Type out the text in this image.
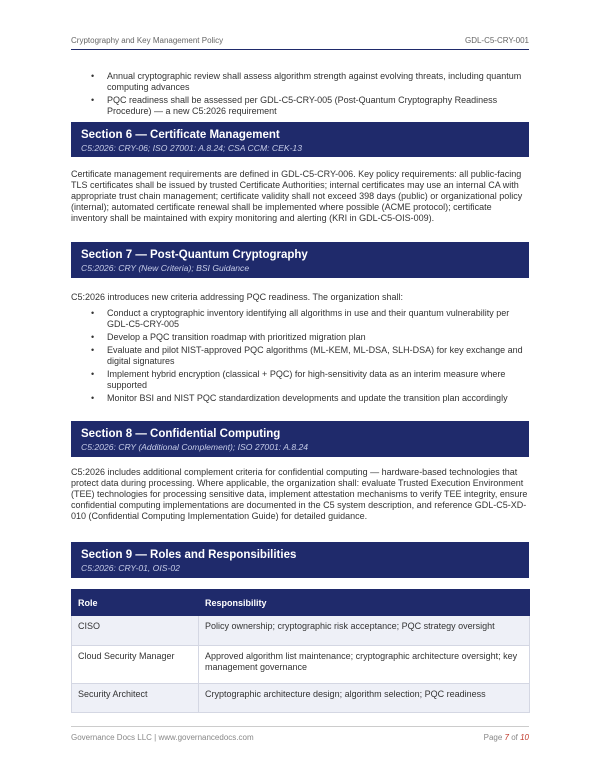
Cryptography and Key Management Policy	GDL-C5-CRY-001
• Annual cryptographic review shall assess algorithm strength against evolving threats, including quantum computing advances
• PQC readiness shall be assessed per GDL-C5-CRY-005 (Post-Quantum Cryptography Readiness Procedure) — a new C5:2026 requirement
Section 6 — Certificate Management
C5:2026: CRY-06; ISO 27001: A.8.24; CSA CCM: CEK-13
Certificate management requirements are defined in GDL-C5-CRY-006. Key policy requirements: all public-facing TLS certificates shall be issued by trusted Certificate Authorities; internal certificates may use an internal CA with appropriate trust chain management; certificate validity shall not exceed 398 days (public) or organizational policy (internal); automated certificate renewal shall be implemented where possible (ACME protocol); certificate inventory shall be maintained with expiry monitoring and alerting (KRI in GDL-C5-OIS-009).
Section 7 — Post-Quantum Cryptography
C5:2026: CRY (New Criteria); BSI Guidance
C5:2026 introduces new criteria addressing PQC readiness. The organization shall:
• Conduct a cryptographic inventory identifying all algorithms in use and their quantum vulnerability per GDL-C5-CRY-005
• Develop a PQC transition roadmap with prioritized migration plan
• Evaluate and pilot NIST-approved PQC algorithms (ML-KEM, ML-DSA, SLH-DSA) for key exchange and digital signatures
• Implement hybrid encryption (classical + PQC) for high-sensitivity data as an interim measure where supported
• Monitor BSI and NIST PQC standardization developments and update the transition plan accordingly
Section 8 — Confidential Computing
C5:2026: CRY (Additional Complement); ISO 27001: A.8.24
C5:2026 includes additional complement criteria for confidential computing — hardware-based technologies that protect data during processing. Where applicable, the organization shall: evaluate Trusted Execution Environment (TEE) technologies for processing sensitive data, implement attestation mechanisms to verify TEE integrity, ensure confidential computing implementations are documented in the C5 system description, and reference GDL-C5-XD-010 (Confidential Computing Implementation Guide) for detailed guidance.
Section 9 — Roles and Responsibilities
C5:2026: CRY-01, OIS-02
Role	Responsibility
CISO	Policy ownership; cryptographic risk acceptance; PQC strategy oversight
Cloud Security Manager	Approved algorithm list maintenance; cryptographic architecture oversight; key management governance
Security Architect	Cryptographic architecture design; algorithm selection; PQC readiness
Governance Docs LLC | www.governancedocs.com	Page 7 of 10
